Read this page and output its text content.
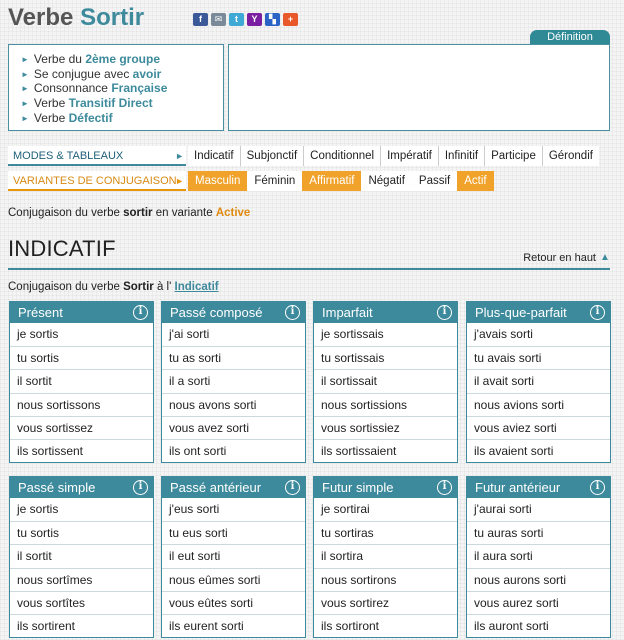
Verbe Sortir	f	✉	t	Y	▚	+
Définition
► Verbe du 2ème groupe
► Se conjugue avec avoir
► Consonnance Française
► Verbe Transitif Direct
► Verbe Défectif
MODES & TABLEAUX	► Indicatif	Subjonctif	Conditionnel	Impératif	Infinitif	Participe	Gérondif
VARIANTES DE CONJUGAISON
► Masculin	Féminin	Affirmatif	Négatif	Passif	Actif
Conjugaison du verbe sortir en variante Active
INDICATIF	Retour en haut ▲
Conjugaison du verbe Sortir à l' Indicatif
Présent	i
je sortis
tu sortis
il sortit
nous sortissons
vous sortissez
ils sortissent
Passé composé	i
j'ai sorti
tu as sorti
il a sorti
nous avons sorti
vous avez sorti
ils ont sorti
Imparfait	i
je sortissais
tu sortissais
il sortissait
nous sortissions
vous sortissiez
ils sortissaient
Plus-que-parfait	i
j'avais sorti
tu avais sorti
il avait sorti
nous avions sorti
vous aviez sorti
ils avaient sorti
Passé simple	i
je sortis
tu sortis
il sortit
nous sortîmes
vous sortîtes
ils sortirent
Passé antérieur	i
j'eus sorti
tu eus sorti
il eut sorti
nous eûmes sorti
vous eûtes sorti
ils eurent sorti
Futur simple	i
je sortirai
tu sortiras
il sortira
nous sortirons
vous sortirez
ils sortiront
Futur antérieur	i
j'aurai sorti
tu auras sorti
il aura sorti
nous aurons sorti
vous aurez sorti
ils auront sorti
